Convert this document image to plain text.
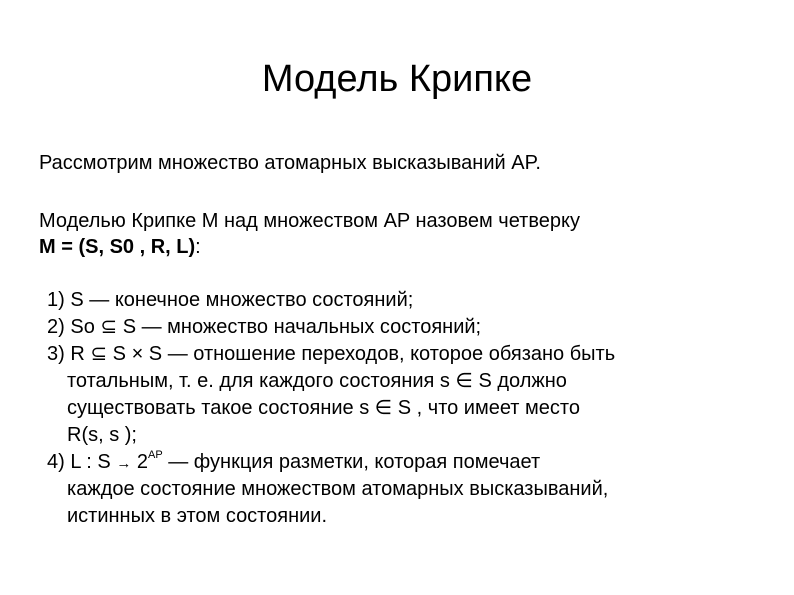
Модель Крипке
Рассмотрим множество атомарных высказываний AP.
Моделью Крипке M над множеством AP назовем четверку
M = (S, S0 , R, L):
1) S — конечное множество состояний;
2) So ⊆ S — множество начальных состояний;
3) R ⊆ S × S — отношение переходов, которое обязано быть
тотальным, т. е. для каждого состояния s ∈ S должно
существовать такое состояние s ∈ S , что имеет место
R(s, s );
4) L : $S \to 2^{AP}$ — функция разметки, которая помечает
каждое состояние множеством атомарных высказываний,
истинных в этом состоянии.
